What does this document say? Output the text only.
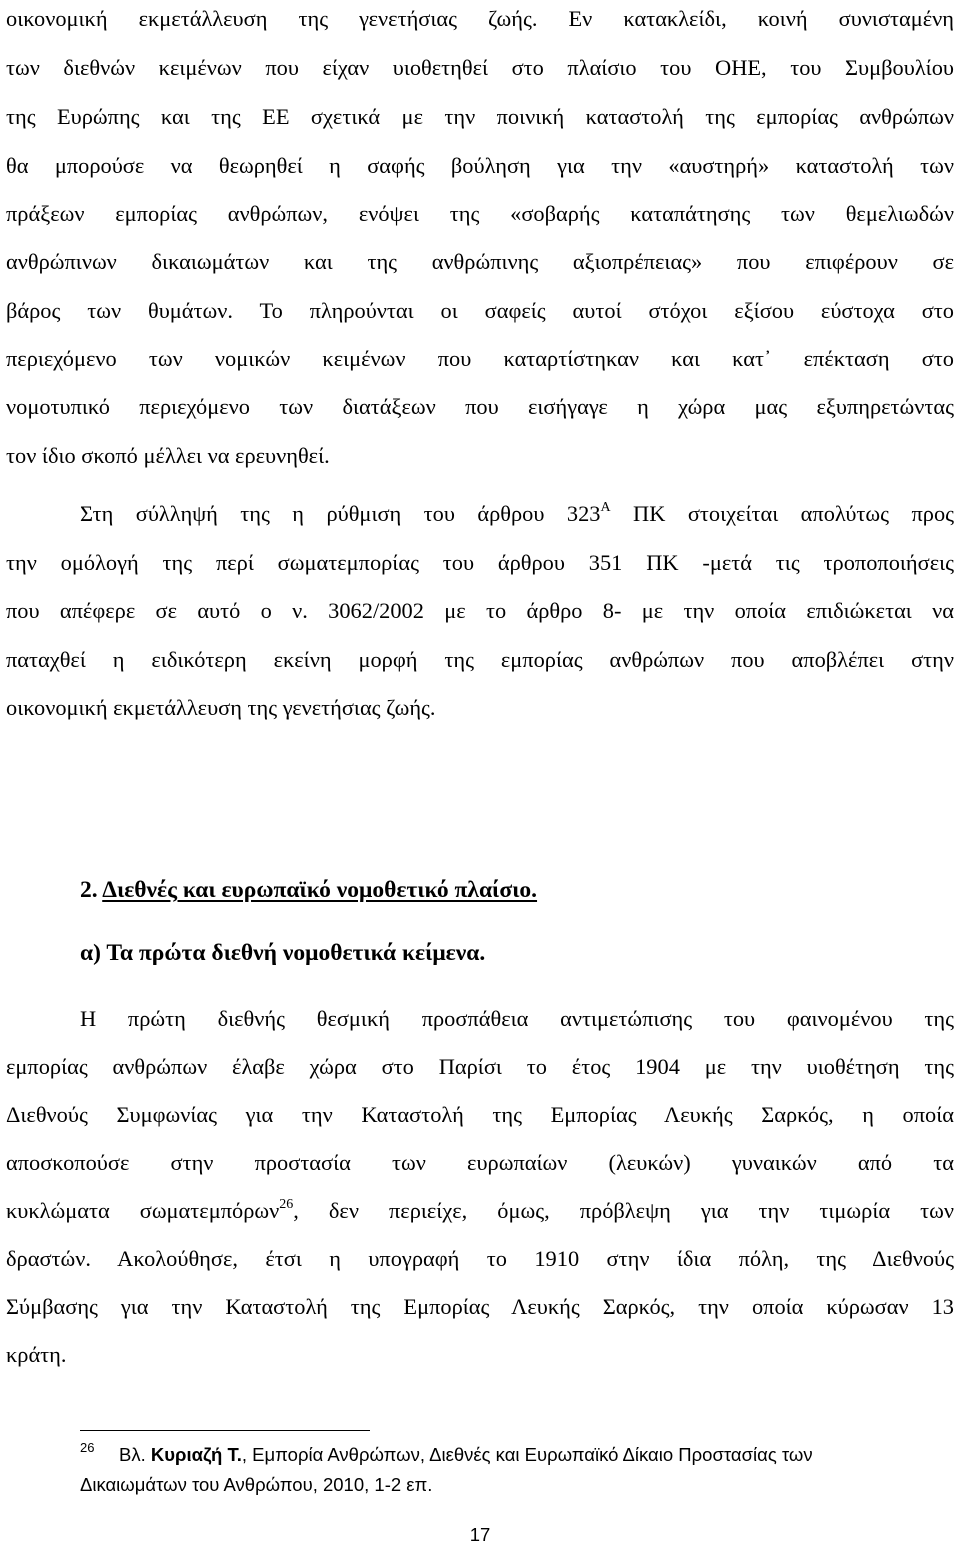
οικονομική εκμετάλλευση της γενετήσιας ζωής. Εν κατακλείδι, κοινή συνισταμένη
των διεθνών κειμένων που είχαν υιοθετηθεί στο πλαίσιο του ΟΗΕ, του Συμβουλίου
της Ευρώπης και της ΕΕ σχετικά με την ποινική καταστολή της εμπορίας ανθρώπων
θα μπορούσε να θεωρηθεί η σαφής βούληση για την «αυστηρή» καταστολή των
πράξεων εμπορίας ανθρώπων, ενόψει της «σοβαρής καταπάτησης των θεμελιωδών
ανθρώπινων δικαιωμάτων και της ανθρώπινης αξιοπρέπειας» που επιφέρουν σε
βάρος των θυμάτων. Το πληρούνται οι σαφείς αυτοί στόχοι εξίσου εύστοχα στο
περιεχόμενο των νομικών κειμένων που καταρτίστηκαν και κατ᾽ επέκταση στο
νομοτυπικό περιεχόμενο των διατάξεων που εισήγαγε η χώρα μας εξυπηρετώντας
τον ίδιο σκοπό μέλλει να ερευνηθεί.
Στη σύλληψή της η ρύθμιση του άρθρου 323$^A$ ΠΚ στοιχείται απολύτως προς
την ομόλογή της περί σωματεμπορίας του άρθρου 351 ΠΚ -μετά τις τροποποιήσεις
που απέφερε σε αυτό ο ν. 3062/2002 με το άρθρο 8- με την οποία επιδιώκεται να
παταχθεί η ειδικότερη εκείνη μορφή της εμπορίας ανθρώπων που αποβλέπει στην
οικονομική εκμετάλλευση της γενετήσιας ζωής.
2. Διεθνές και ευρωπαϊκό νομοθετικό πλαίσιο.
α) Τα πρώτα διεθνή νομοθετικά κείμενα.
Η πρώτη διεθνής θεσμική προσπάθεια αντιμετώπισης του φαινομένου της
εμπορίας ανθρώπων έλαβε χώρα στο Παρίσι το έτος 1904 με την υιοθέτηση της
Διεθνούς Συμφωνίας για την Καταστολή της Εμπορίας Λευκής Σαρκός, η οποία
αποσκοπούσε στην προστασία των ευρωπαίων (λευκών) γυναικών από τα
κυκλώματα σωματεμπόρων$^{26}$, δεν περιείχε, όμως, πρόβλεψη για την τιμωρία των
δραστών. Ακολούθησε, έτσι η υπογραφή το 1910 στην ίδια πόλη, της Διεθνούς
Σύμβασης για την Καταστολή της Εμπορίας Λευκής Σαρκός, την οποία κύρωσαν 13
κράτη.
26 Βλ. Κυριαζή Τ., Εμπορία Ανθρώπων, Διεθνές και Ευρωπαϊκό Δίκαιο Προστασίας των
Δικαιωμάτων του Ανθρώπου, 2010, 1-2 επ.
17
